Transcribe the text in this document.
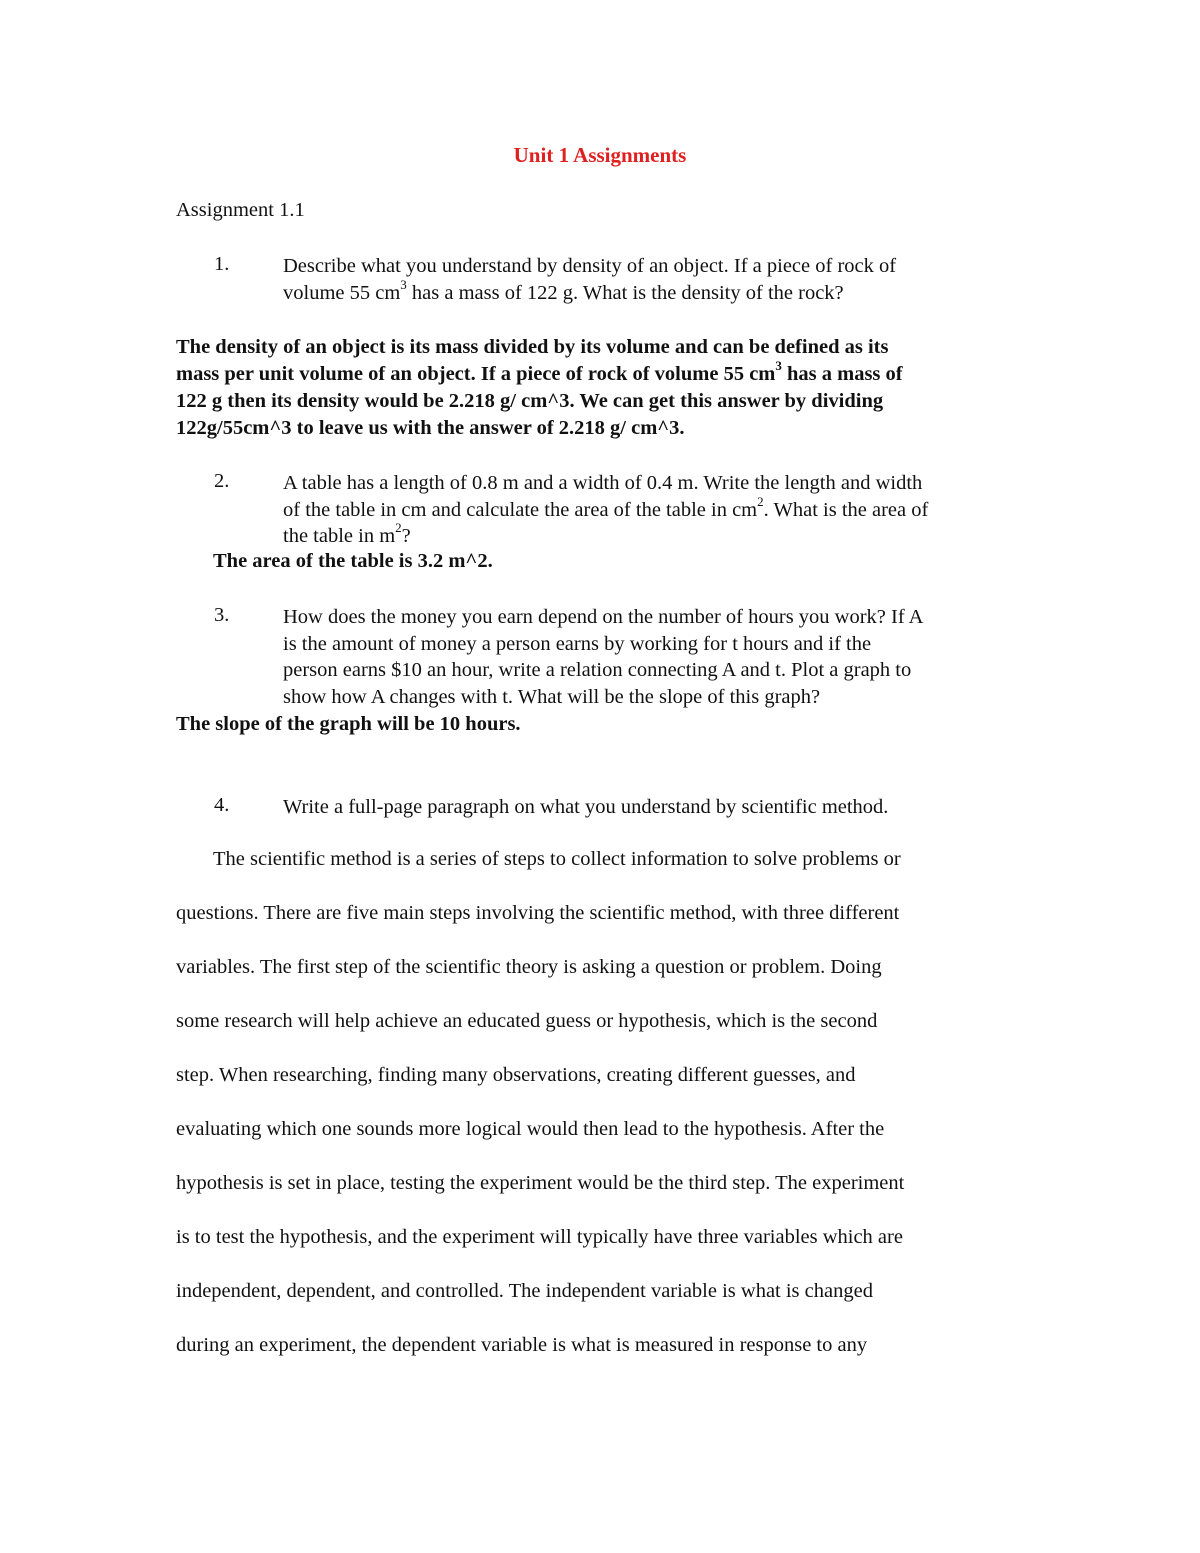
Unit 1 Assignments
Assignment 1.1
1.	Describe what you understand by density of an object. If a piece of rock of
volume 55 $cm^3$ has a mass of 122 g. What is the density of the rock?
The density of an object is its mass divided by its volume and can be defined as its
mass per unit volume of an object. If a piece of rock of volume 55 $cm^3$ has a mass of
122 g then its density would be 2.218 g/ cm^3. We can get this answer by dividing
122g/55cm^3 to leave us with the answer of 2.218 g/ cm^3.
2.	A table has a length of 0.8 m and a width of 0.4 m. Write the length and width
of the table in cm and calculate the area of the table in $cm^2$. What is the area of
the table in $m^2$?
The area of the table is 3.2 m^2.
3.	How does the money you earn depend on the number of hours you work? If A
is the amount of money a person earns by working for t hours and if the
person earns $10 an hour, write a relation connecting A and t. Plot a graph to
show how A changes with t. What will be the slope of this graph?
The slope of the graph will be 10 hours.
4.	Write a full-page paragraph on what you understand by scientific method.
The scientific method is a series of steps to collect information to solve problems or
questions. There are five main steps involving the scientific method, with three different
variables. The first step of the scientific theory is asking a question or problem. Doing
some research will help achieve an educated guess or hypothesis, which is the second
step. When researching, finding many observations, creating different guesses, and
evaluating which one sounds more logical would then lead to the hypothesis. After the
hypothesis is set in place, testing the experiment would be the third step. The experiment
is to test the hypothesis, and the experiment will typically have three variables which are
independent, dependent, and controlled. The independent variable is what is changed
during an experiment, the dependent variable is what is measured in response to any
